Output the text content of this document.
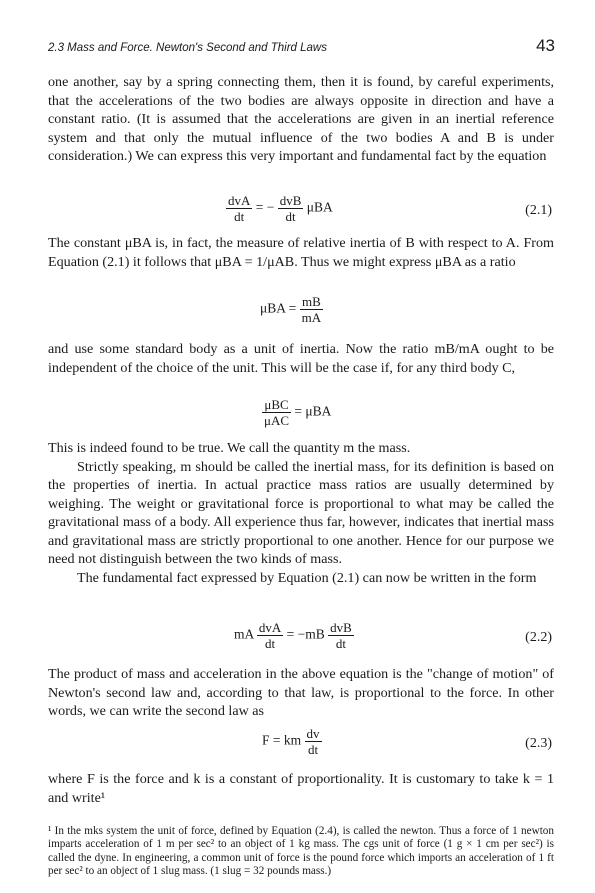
2.3 Mass and Force. Newton's Second and Third Laws	43

one another, say by a spring connecting them, then it is found, by careful experiments, that the accelerations of the two bodies are always opposite in direction and have a constant ratio. (It is assumed that the accelerations are given in an inertial reference system and that only the mutual influence of the two bodies A and B is under consideration.) We can express this very important and fundamental fact by the equation

$\frac{\text{dvA}}{dt}$ = − $\frac{\text{dvB}}{dt}$ μBA	(2.1)

The constant μBA is, in fact, the measure of relative inertia of B with respect to A. From Equation (2.1) it follows that μBA = 1/μAB. Thus we might express μBA as a ratio

$\mu BA = \frac{mB}{mA}$

and use some standard body as a unit of inertia. Now the ratio mB/mA ought to be independent of the choice of the unit. This will be the case if, for any third body C,

$\frac{\text{μBC}}{\text{μAC}} = \mu BA$

This is indeed found to be true. We call the quantity m the mass.

Strictly speaking, m should be called the inertial mass, for its definition is based on the properties of inertia. In actual practice mass ratios are usually determined by weighing. The weight or gravitational force is proportional to what may be called the gravitational mass of a body. All experience thus far, however, indicates that inertial mass and gravitational mass are strictly proportional to one another. Hence for our purpose we need not distinguish between the two kinds of mass.

The fundamental fact expressed by Equation (2.1) can now be written in the form

mA $\frac{\text{dvA}}{dt} = -mB \frac{\text{dvB}}{dt}$	(2.2)

The product of mass and acceleration in the above equation is the "change of motion" of Newton's second law and, according to that law, is proportional to the force. In other words, we can write the second law as

F = km $\frac{dv}{dt}$	(2.3)

where F is the force and k is a constant of proportionality. It is customary to take k = 1 and write¹

¹ In the mks system the unit of force, defined by Equation (2.4), is called the newton. Thus a force of 1 newton imparts acceleration of 1 m per sec² to an object of 1 kg mass. The cgs unit of force (1 g × 1 cm per sec²) is called the dyne. In engineering, a common unit of force is the pound force which imports an acceleration of 1 ft per sec² to an object of 1 slug mass. (1 slug = 32 pounds mass.)
